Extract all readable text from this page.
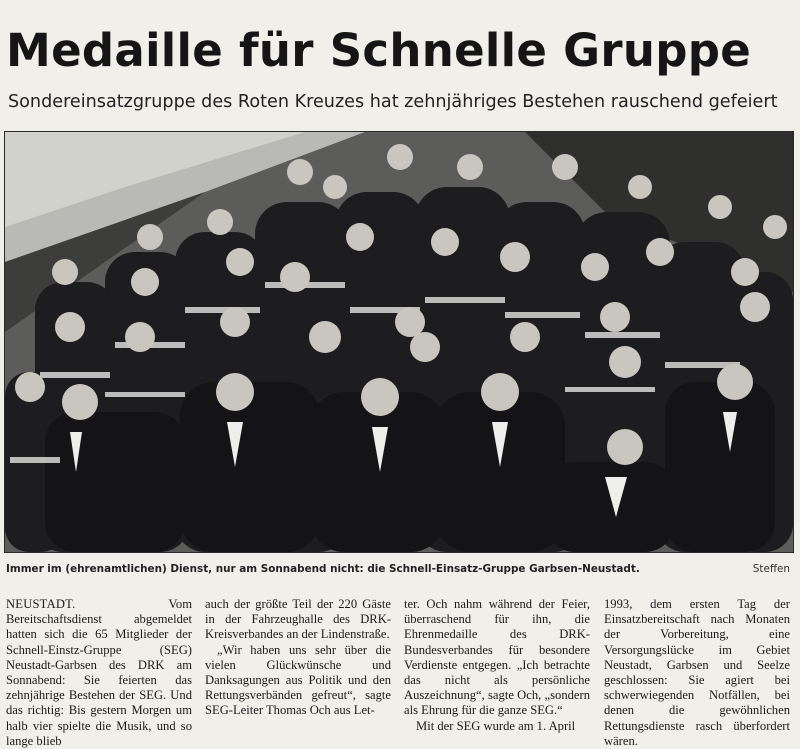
Medaille für Schnelle Gruppe
Sondereinsatzgruppe des Roten Kreuzes hat zehnjähriges Bestehen rauschend gefeiert
Immer im (ehrenamtlichen) Dienst, nur am Sonnabend nicht: die Schnell-Einsatz-Gruppe Garbsen-Neustadt.	Steffen

NEUSTADT.	Vom Bereitschaftsdienst abgemeldet hatten sich die 65 Mitglieder der Schnell-Einstz-Gruppe (SEG) Neustadt-Garbsen des DRK am Sonnabend: Sie feierten das zehnjährige Bestehen der SEG. Und das richtig: Bis gestern Morgen um halb vier spielte die Musik, und so lange blieb

auch der größte Teil der 220 Gäste in der Fahrzeughalle des DRK-Kreisverbandes an der Lindenstraße.

„Wir haben uns sehr über die vielen Glückwünsche und Danksagungen aus Politik und den Rettungsverbänden gefreut“, sagte SEG-Leiter Thomas Och aus Let-

ter. Och nahm während der Feier, überraschend für ihn, die Ehrenmedaille des DRK-Bundesverbandes für besondere Verdienste entgegen. „Ich betrachte das nicht als persönliche Auszeichnung“, sagte Och, „sondern als Ehrung für die ganze SEG.“

Mit der SEG wurde am 1. April

1993, dem ersten Tag der Einsatzbereitschaft nach Monaten der Vorbereitung, eine Versorgungslücke im Gebiet Neustadt, Garbsen und Seelze geschlossen: Sie agiert bei schwerwiegenden Notfällen, bei denen die gewöhnlichen Rettungsdienste rasch überfordert wären.
